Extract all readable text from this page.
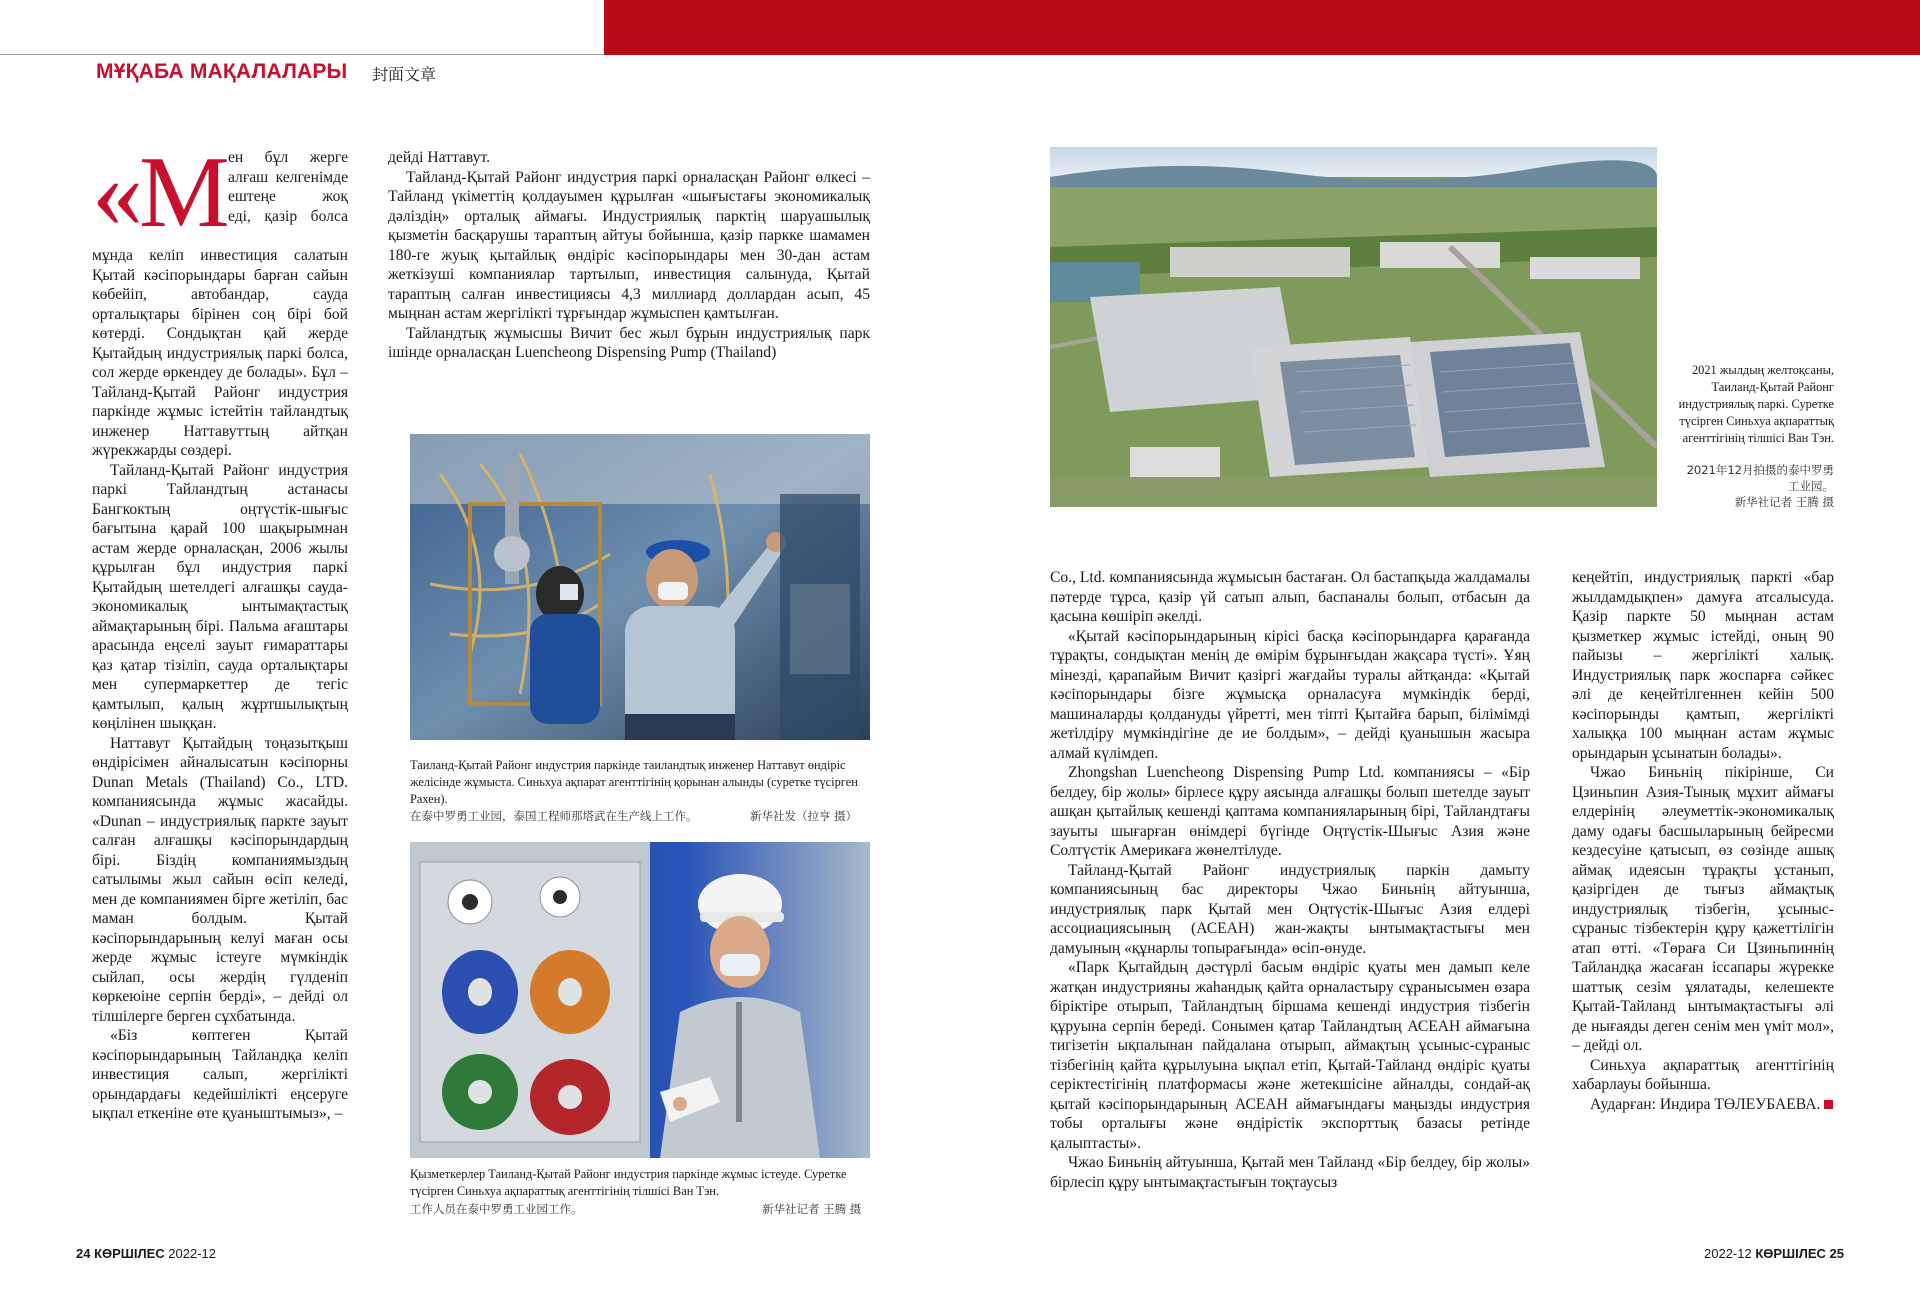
МҰҚАБА МАҚАЛАЛАРЫ 封面文章
«М ен бұл жерге
алғаш келгенімде
ештеңе жоқ
еді, қазір болса

мұнда келіп инвестиция салатын Қытай кәсіпорындары барған сайын көбейіп, автобандар, сауда орталықтары бірінен соң бірі бой көтерді. Сондықтан қай жерде Қытайдың индустриялық паркі болса, сол жерде өркендеу де болады». Бұл – Тайланд-Қытай Районг индустрия паркінде жұмыс істейтін тайландтық инженер Наттавуттың айтқан жүрекжарды сөздері.

Тайланд-Қытай Районг индустрия паркі Тайландтың астанасы Бангкоктың оңтүстік-шығыс бағытына қарай 100 шақырымнан астам жерде орналасқан, 2006 жылы құрылған бұл индустрия паркі Қытайдың шетелдегі алғашқы сауда-экономикалық ынтымақтастық аймақтарының бірі. Пальма ағаштары арасында еңселі зауыт ғимараттары қаз қатар тізіліп, сауда орталықтары мен супермаркеттер де тегіс қамтылып, қалың жұртшылықтың көңілінен шыққан.

Наттавут Қытайдың тоңазытқыш өндірісімен айналысатын кәсіпорны Dunan Metals (Thailand) Co., LTD. компаниясында жұмыс жасайды. «Dunan – индустриялық паркте зауыт салған алғашқы кәсіпорындардың бірі. Біздің компаниямыздың сатылымы жыл сайын өсіп келеді, мен де компаниямен бірге жетіліп, бас маман болдым. Қытай кәсіпорындарының келуі маған осы жерде жұмыс істеуге мүмкіндік сыйлап, осы жердің гүлденіп көркеюіне серпін берді», – дейді ол тілшілерге берген сұхбатында.

«Біз көптеген Қытай кәсіпорындарының Тайландқа келіп инвестиция салып, жергілікті орындардағы кедейшілікті еңсеруге ықпал еткеніне өте қуаныштымыз», –

дейді Наттавут.

Тайланд-Қытай Районг индустрия паркі орналасқан Районг өлкесі – Тайланд үкіметтің қолдауымен құрылған «шығыстағы экономикалық дәліздің» орталық аймағы. Индустриялық парктің шаруашылық қызметін басқарушы тараптың айтуы бойынша, қазір паркке шамамен 180-ге жуық қытайлық өндіріс кәсіпорындары мен 30-дан астам жеткізуші компаниялар тартылып, инвестиция салынуда, Қытай тараптың салған инвестициясы 4,3 миллиард доллардан асып, 45 мыңнан астам жергілікті тұрғындар жұмыспен қамтылған.

Тайландтық жұмысшы Вичит бес жыл бұрын индустриялық парк ішінде орналасқан Luencheong Dispensing Pump (Thailand)

Таиланд-Қытай Районг индустрия паркінде таиландтық инженер Наттавут өндіріс желісінде жұмыста. Синьхуа ақпарат агенттігінің қорынан алынды (суретке түсірген Рахен).
在泰中罗勇工业园，泰国工程师那塔武在生产线上工作。	新华社发（拉亨 摄）
Қызметкерлер Таиланд-Қытай Районг индустрия паркінде жұмыс істеуде. Суретке түсірген Синьхуа ақпараттық агенттігінің тілшісі Ван Тэн.
工作人员在泰中罗勇工业园工作。	新华社记者 王腾 摄
2021 жылдың желтоқсаны, Таиланд-Қытай Районг индустриялық паркі. Суретке түсірген Синьхуа ақпараттық агенттігінің тілшісі Ван Тэн.
2021年12月拍摄的泰中罗勇工业园。
新华社记者 王腾 摄

Co., Ltd. компаниясында жұмысын бастаған. Ол бастапқыда жалдамалы пәтерде тұрса, қазір үй сатып алып, баспаналы болып, отбасын да қасына көшіріп әкелді.

«Қытай кәсіпорындарының кірісі басқа кәсіпорындарға қарағанда тұрақты, сондықтан менің де өмірім бұрынғыдан жақсара түсті». Ұяң мінезді, қарапайым Вичит қазіргі жағдайы туралы айтқанда: «Қытай кәсіпорындары бізге жұмысқа орналасуға мүмкіндік берді, машиналарды қолдануды үйретті, мен тіпті Қытайға барып, білімімді жетілдіру мүмкіндігіне де ие болдым», – дейді қуанышын жасыра алмай күлімдеп.

Zhongshan Luencheong Dispensing Pump Ltd. компаниясы – «Бір белдеу, бір жолы» бірлесе құру аясында алғашқы болып шетелде зауыт ашқан қытайлық кешенді қаптама компанияларының бірі, Тайландтағы зауыты шығарған өнімдері бүгінде Оңтүстік-Шығыс Азия және Солтүстік Америкаға жөнелтілуде.

Тайланд-Қытай Районг индустриялық паркін дамыту компаниясының бас директоры Чжао Биньнің айтуынша, индустриялық парк Қытай мен Оңтүстік-Шығыс Азия елдері ассоциациясының (АСЕАН) жан-жақты ынтымақтастығы мен дамуының «құнарлы топырағында» өсіп-өнуде.

«Парк Қытайдың дәстүрлі басым өндіріс қуаты мен дамып келе жатқан индустрияны жаһандық қайта орналастыру сұранысымен өзара біріктіре отырып, Тайландтың біршама кешенді индустрия тізбегін құруына серпін береді. Сонымен қатар Тайландтың АСЕАН аймағына тигізетін ықпалынан пайдалана отырып, аймақтың ұсыныс-сұраныс тізбегінің қайта құрылуына ықпал етіп, Қытай-Тайланд өндіріс қуаты серіктестігінің платформасы және жетекшісіне айналды, сондай-ақ қытай кәсіпорындарының АСЕАН аймағындағы маңызды индустрия тобы орталығы және өндірістік экспорттық базасы ретінде қалыптасты».

Чжао Биньнің айтуынша, Қытай мен Тайланд «Бір белдеу, бір жолы» бірлесіп құру ынтымақтастығын тоқтаусыз

кеңейтіп, индустриялық паркті «бар жылдамдықпен» дамуға атсалысуда. Қазір паркте 50 мыңнан астам қызметкер жұмыс істейді, оның 90 пайызы – жергілікті халық. Индустриялық парк жоспарға сәйкес әлі де кеңейтілгеннен кейін 500 кәсіпорынды қамтып, жергілікті халыққа 100 мыңнан астам жұмыс орындарын ұсынатын болады».

Чжао Биньнің пікірінше, Си Цзиньпин Азия-Тынық мұхит аймағы елдерінің әлеуметтік-экономикалық даму одағы басшыларының бейресми кездесуіне қатысып, өз сөзінде ашық аймақ идеясын тұрақты ұстанып, қазіргіден де тығыз аймақтық индустриялық тізбегін, ұсыныс-сұраныс тізбектерін құру қажеттілігін атап өтті. «Төраға Си Цзиньпиннің Тайландқа жасаған іссапары жүрекке шаттық сезім ұялатады, келешекте Қытай-Тайланд ынтымақтастығы әлі де нығаяды деген сенім мен үміт мол», – дейді ол.

Синьхуа ақпараттық агенттігінің хабарлауы бойынша.

Аударған: Индира ТӨЛЕУБАЕВА.

24 КӨРШІЛЕС 2022-12	2022-12 КӨРШІЛЕС 25
